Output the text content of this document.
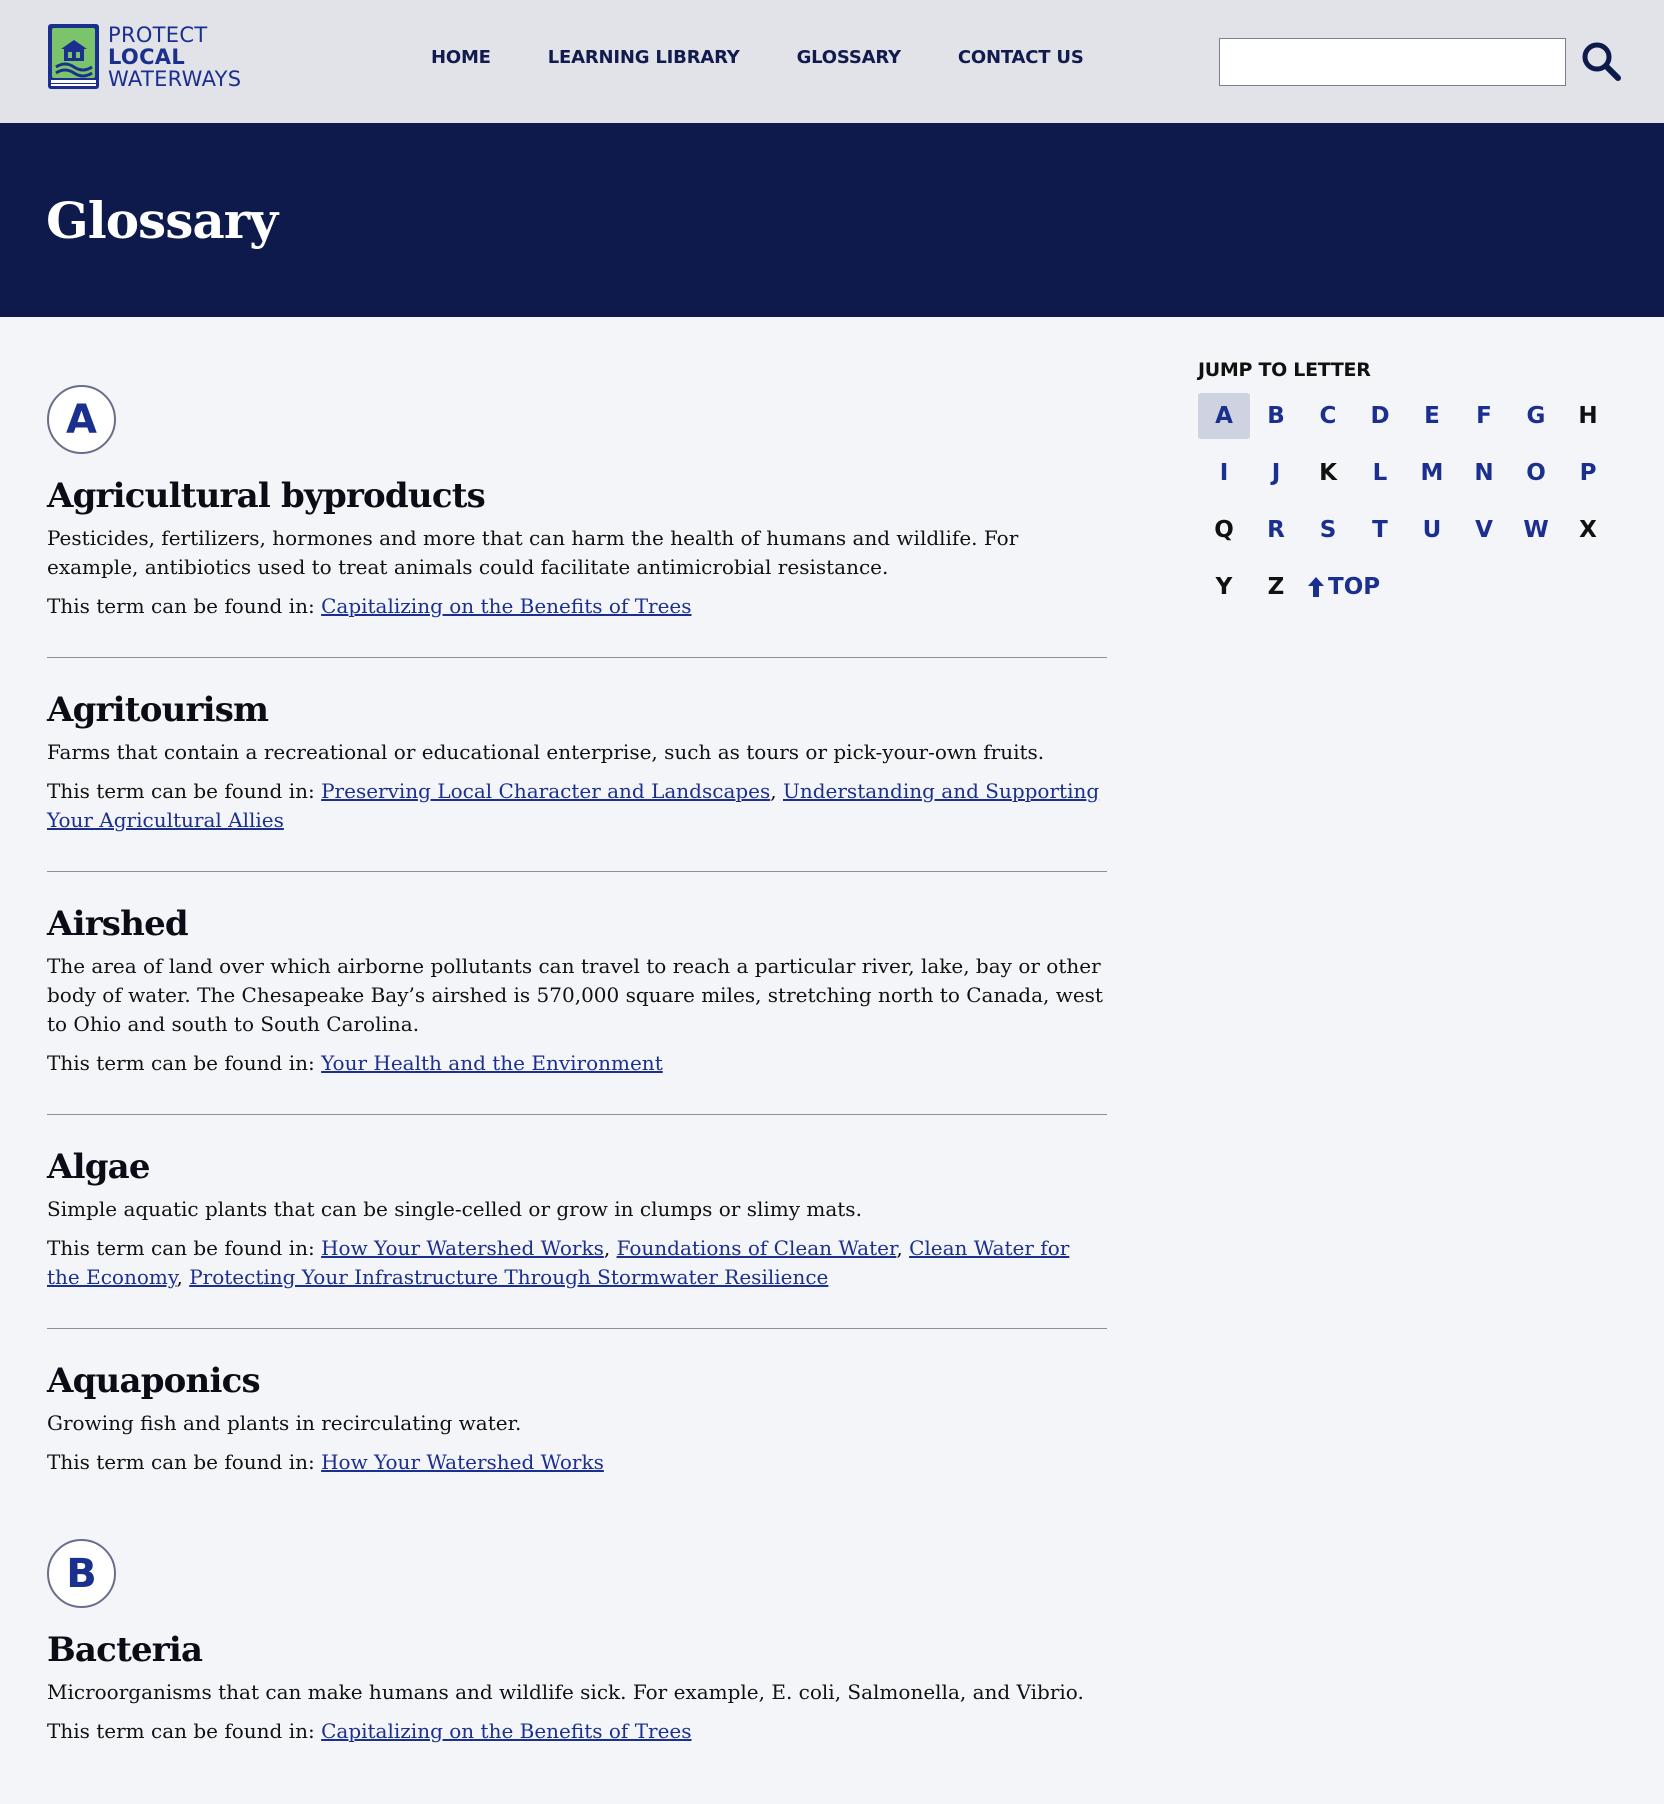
PROTECT
LOCAL
WATERWAYS
HOME	LEARNING LIBRARY	GLOSSARY	CONTACT US
Glossary
A
Agricultural byproducts
Pesticides, fertilizers, hormones and more that can harm the health of humans and wildlife. For example, antibiotics used to treat animals could facilitate antimicrobial resistance.
This term can be found in: Capitalizing on the Benefits of Trees
Agritourism
Farms that contain a recreational or educational enterprise, such as tours or pick-your-own fruits.
This term can be found in: Preserving Local Character and Landscapes, Understanding and Supporting Your Agricultural Allies
Airshed
The area of land over which airborne pollutants can travel to reach a particular river, lake, bay or other body of water. The Chesapeake Bay’s airshed is 570,000 square miles, stretching north to Canada, west to Ohio and south to South Carolina.
This term can be found in: Your Health and the Environment
Algae
Simple aquatic plants that can be single-celled or grow in clumps or slimy mats.
This term can be found in: How Your Watershed Works, Foundations of Clean Water, Clean Water for the Economy, Protecting Your Infrastructure Through Stormwater Resilience
Aquaponics
Growing fish and plants in recirculating water.
This term can be found in: How Your Watershed Works
B
Bacteria
Microorganisms that can make humans and wildlife sick. For example, E. coli, Salmonella, and Vibrio.
This term can be found in: Capitalizing on the Benefits of Trees
JUMP TO LETTER
A	B	C	D	E	F	G	H
I	J	K	L	M	N	O	P
Q	R	S	T	U	V	W	X
Y	Z	TOP
